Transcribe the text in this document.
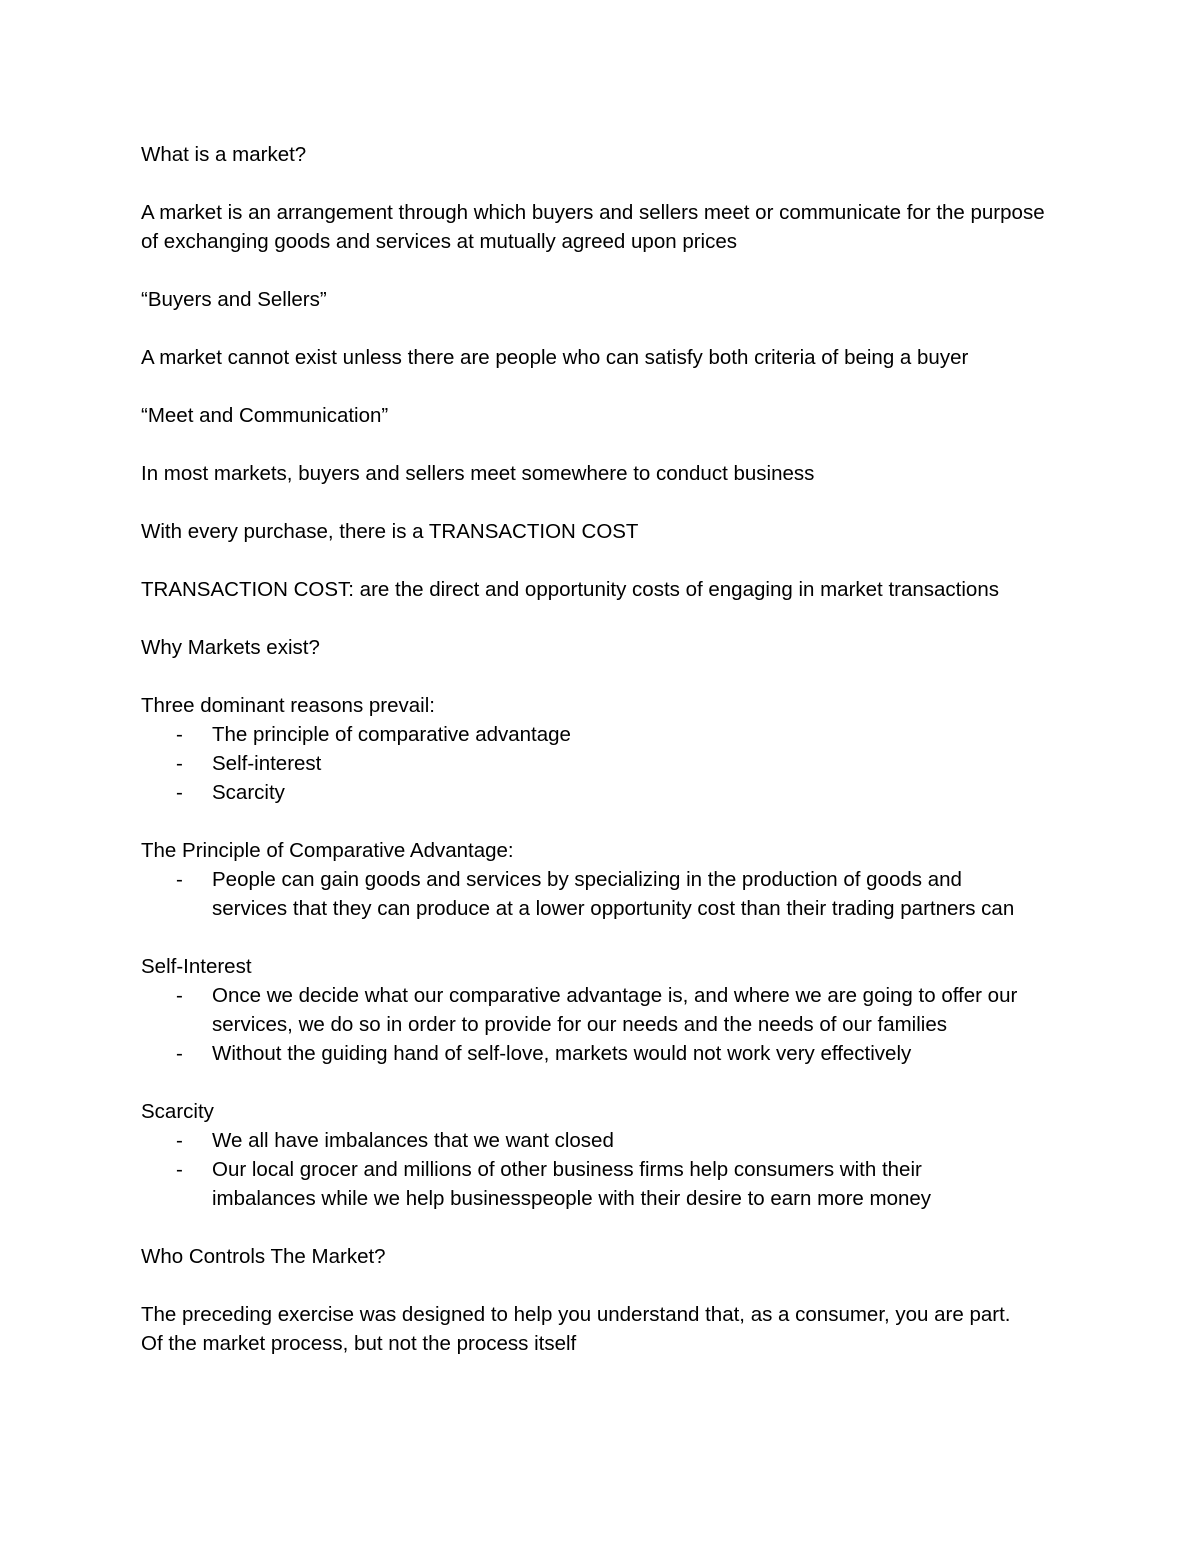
What is a market?
A market is an arrangement through which buyers and sellers meet or communicate for the purpose of exchanging goods and services at mutually agreed upon prices
“Buyers and Sellers”
A market cannot exist unless there are people who can satisfy both criteria of being a buyer
“Meet and Communication”
In most markets, buyers and sellers meet somewhere to conduct business
With every purchase, there is a TRANSACTION COST
TRANSACTION COST: are the direct and opportunity costs of engaging in market transactions
Why Markets exist?

Three dominant reasons prevail:

- The principle of comparative advantage
- Self-interest
- Scarcity

The Principle of Comparative Advantage:

- People can gain goods and services by specializing in the production of goods and services that they can produce at a lower opportunity cost than their trading partners can

Self-Interest

- Once we decide what our comparative advantage is, and where we are going to offer our services, we do so in order to provide for our needs and the needs of our families
- Without the guiding hand of self-love, markets would not work very effectively

Scarcity

- We all have imbalances that we want closed
- Our local grocer and millions of other business firms help consumers with their imbalances while we help businesspeople with their desire to earn more money
Who Controls The Market?

The preceding exercise was designed to help you understand that, as a consumer, you are part.

Of the market process, but not the process itself
